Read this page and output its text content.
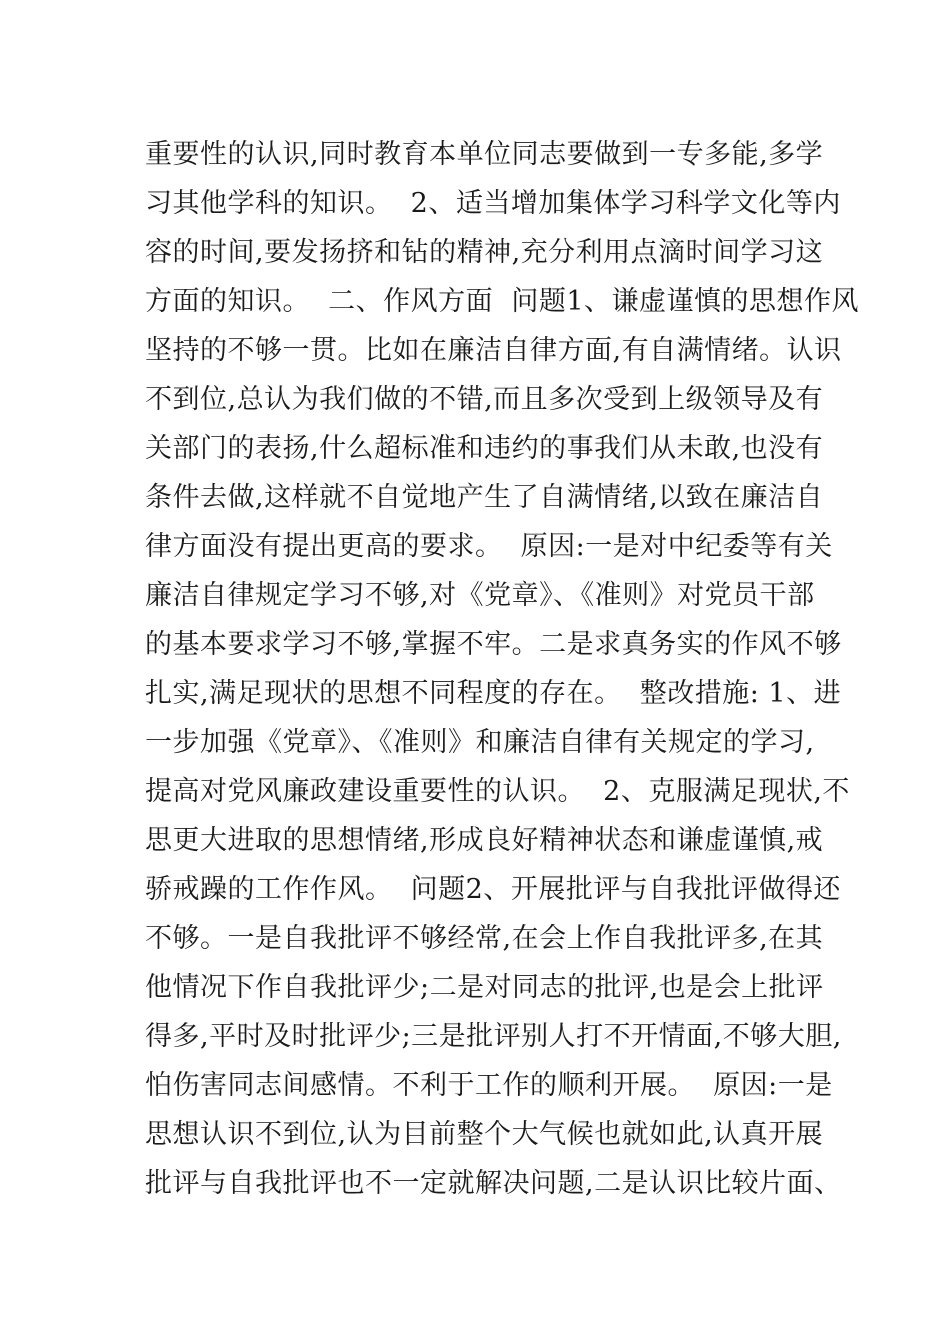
重要性的认识,同时教育本单位同志要做到一专多能,多学
习其他学科的知识。  2、适当增加集体学习科学文化等内
容的时间,要发扬挤和钻的精神,充分利用点滴时间学习这
方面的知识。  二、作风方面  问题1、谦虚谨慎的思想作风
坚持的不够一贯。比如在廉洁自律方面,有自满情绪。认识
不到位,总认为我们做的不错,而且多次受到上级领导及有
关部门的表扬,什么超标准和违约的事我们从未敢,也没有
条件去做,这样就不自觉地产生了自满情绪,以致在廉洁自
律方面没有提出更高的要求。  原因:一是对中纪委等有关
廉洁自律规定学习不够,对《党章》、《准则》对党员干部
的基本要求学习不够,掌握不牢。二是求真务实的作风不够
扎实,满足现状的思想不同程度的存在。  整改措施: 1、进
一步加强《党章》、《准则》和廉洁自律有关规定的学习,
提高对党风廉政建设重要性的认识。  2、克服满足现状,不
思更大进取的思想情绪,形成良好精神状态和谦虚谨慎,戒
骄戒躁的工作作风。  问题2、开展批评与自我批评做得还
不够。一是自我批评不够经常,在会上作自我批评多,在其
他情况下作自我批评少;二是对同志的批评,也是会上批评
得多,平时及时批评少;三是批评别人打不开情面,不够大胆,
怕伤害同志间感情。不利于工作的顺利开展。  原因:一是
思想认识不到位,认为目前整个大气候也就如此,认真开展
批评与自我批评也不一定就解决问题,二是认识比较片面、
